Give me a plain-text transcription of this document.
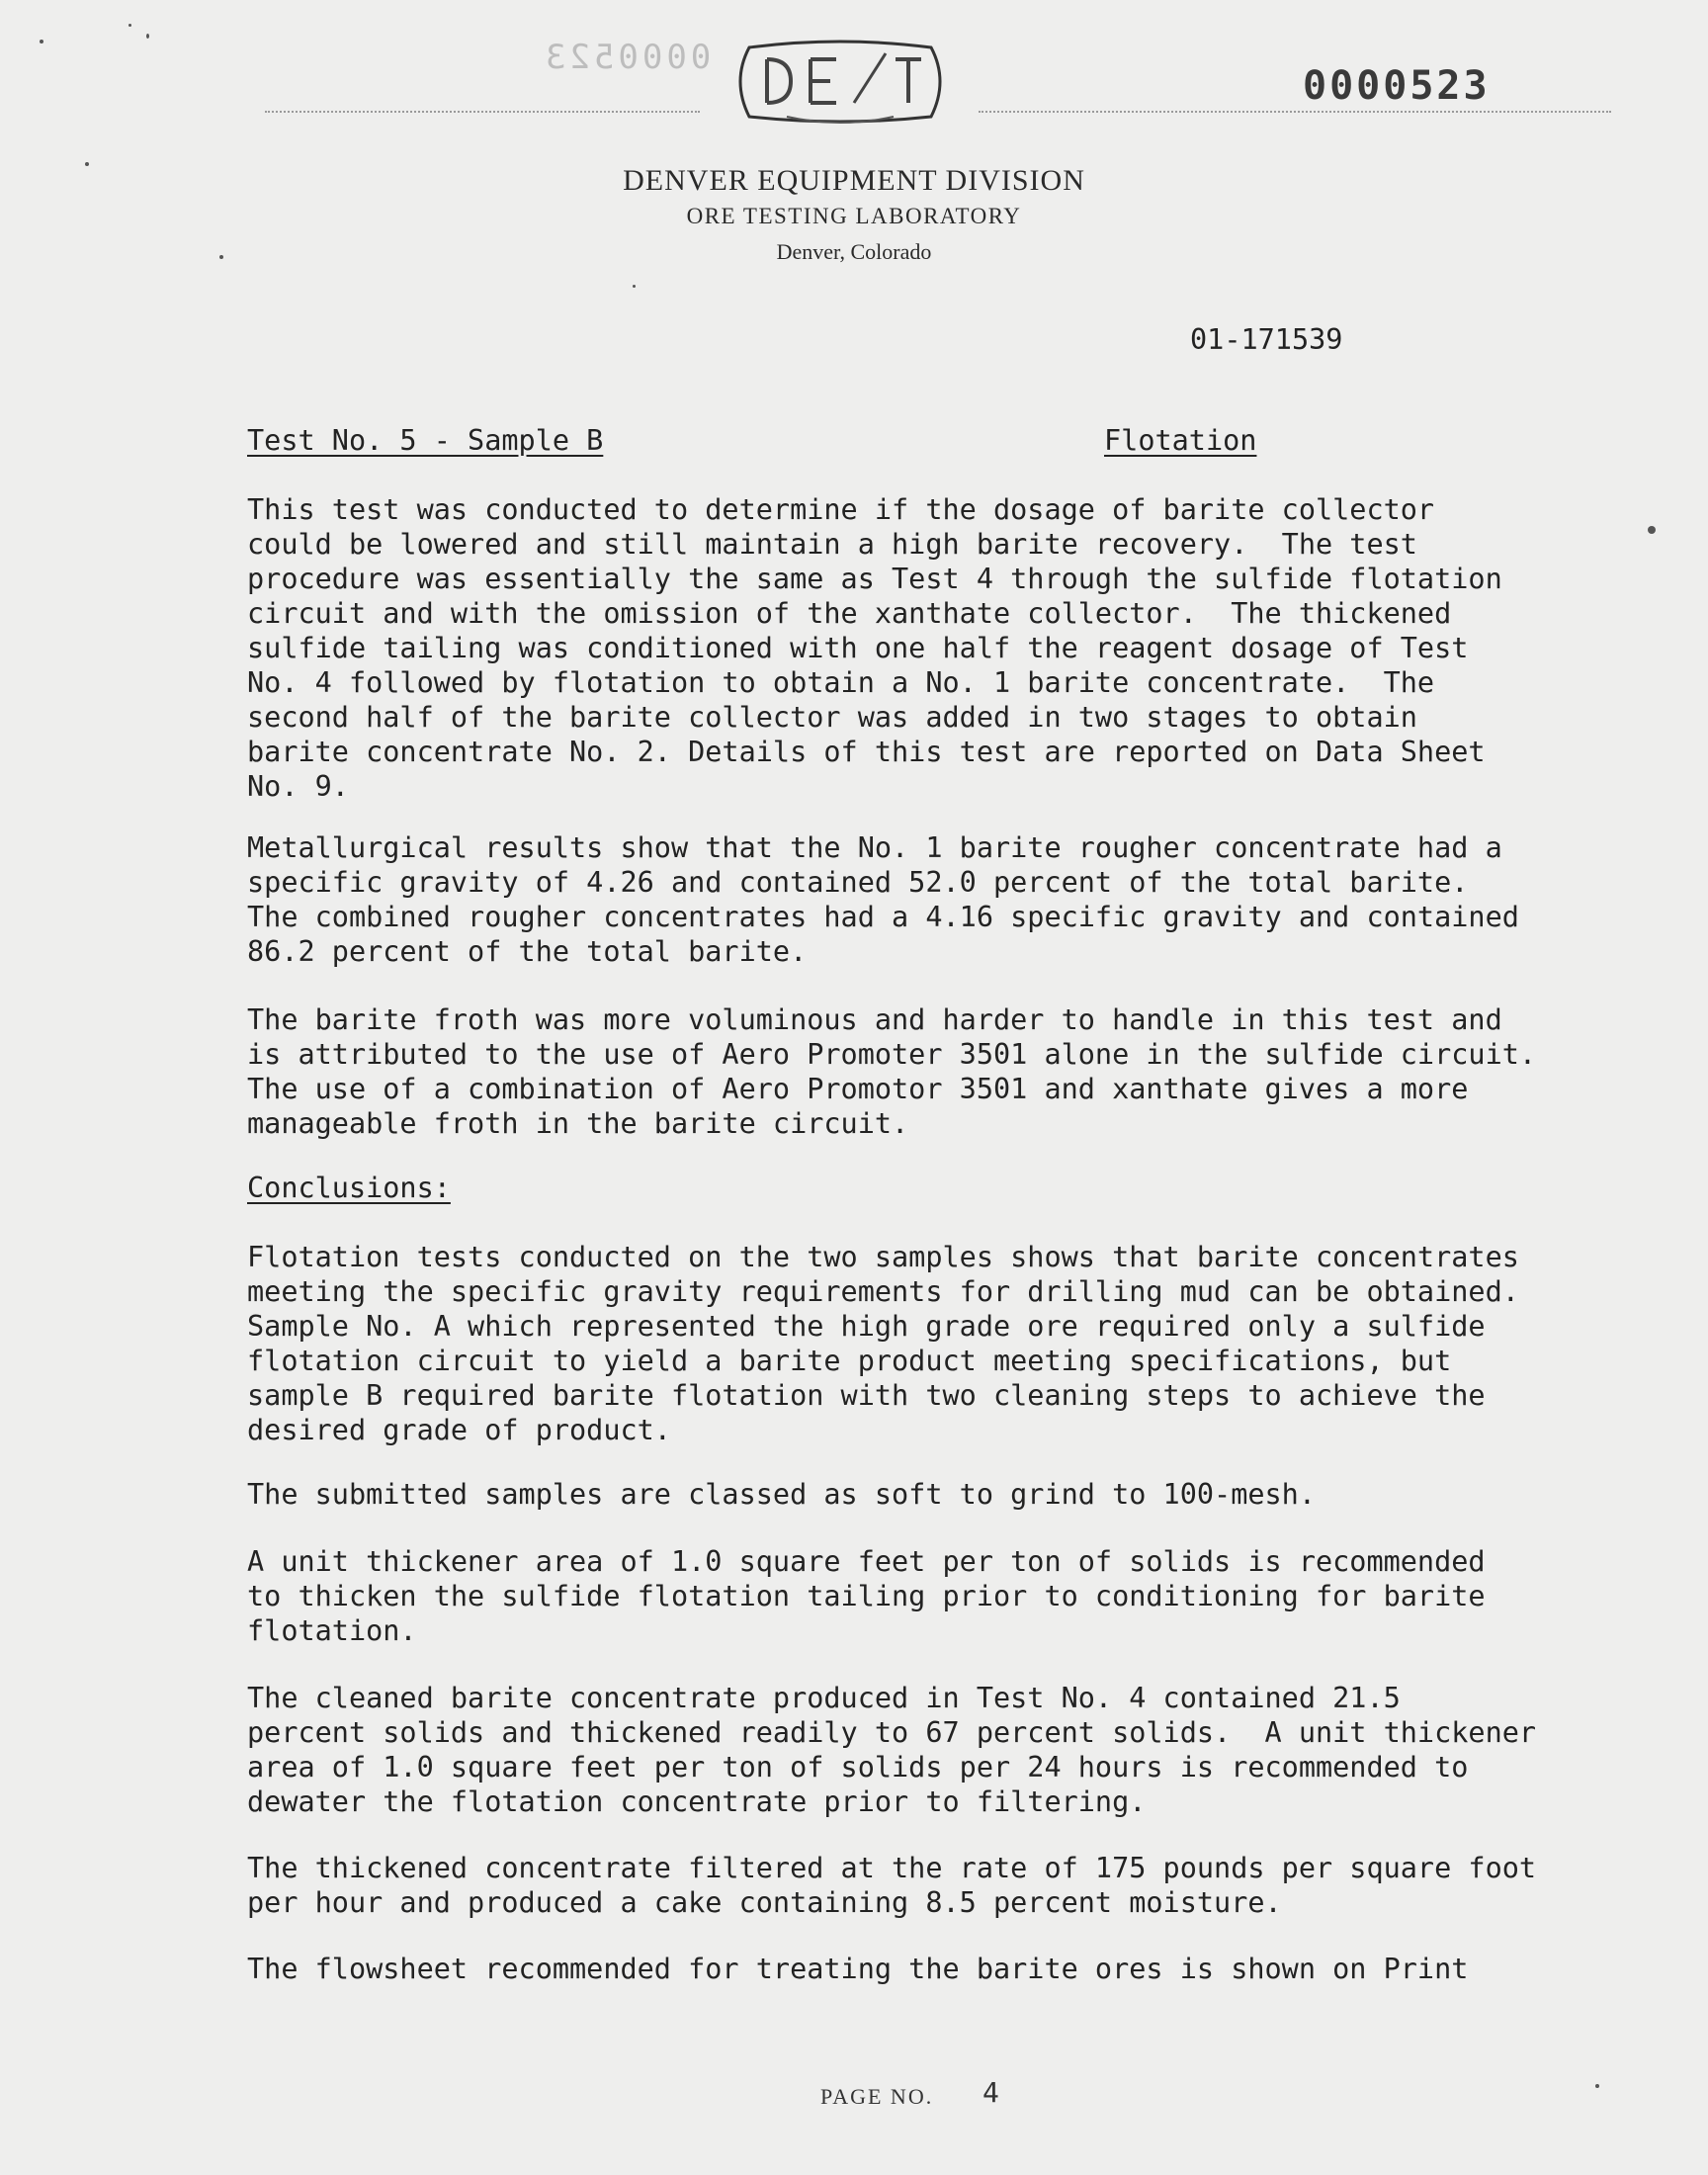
0000523
0000523
DENVER EQUIPMENT DIVISION
ORE TESTING LABORATORY
Denver, Colorado
01-171539
Test No. 5 - Sample B	Flotation

This test was conducted to determine if the dosage of barite collector
could be lowered and still maintain a high barite recovery.  The test
procedure was essentially the same as Test 4 through the sulfide flotation
circuit and with the omission of the xanthate collector.  The thickened
sulfide tailing was conditioned with one half the reagent dosage of Test
No. 4 followed by flotation to obtain a No. 1 barite concentrate.  The
second half of the barite collector was added in two stages to obtain
barite concentrate No. 2. Details of this test are reported on Data Sheet
No. 9.

Metallurgical results show that the No. 1 barite rougher concentrate had a
specific gravity of 4.26 and contained 52.0 percent of the total barite.
The combined rougher concentrates had a 4.16 specific gravity and contained
86.2 percent of the total barite.

The barite froth was more voluminous and harder to handle in this test and
is attributed to the use of Aero Promoter 3501 alone in the sulfide circuit.
The use of a combination of Aero Promotor 3501 and xanthate gives a more
manageable froth in the barite circuit.

Conclusions:

Flotation tests conducted on the two samples shows that barite concentrates
meeting the specific gravity requirements for drilling mud can be obtained.
Sample No. A which represented the high grade ore required only a sulfide
flotation circuit to yield a barite product meeting specifications, but
sample B required barite flotation with two cleaning steps to achieve the
desired grade of product.

The submitted samples are classed as soft to grind to 100-mesh.

A unit thickener area of 1.0 square feet per ton of solids is recommended
to thicken the sulfide flotation tailing prior to conditioning for barite
flotation.

The cleaned barite concentrate produced in Test No. 4 contained 21.5
percent solids and thickened readily to 67 percent solids.  A unit thickener
area of 1.0 square feet per ton of solids per 24 hours is recommended to
dewater the flotation concentrate prior to filtering.

The thickened concentrate filtered at the rate of 175 pounds per square foot
per hour and produced a cake containing 8.5 percent moisture.

The flowsheet recommended for treating the barite ores is shown on Print

PAGE NO. 4
